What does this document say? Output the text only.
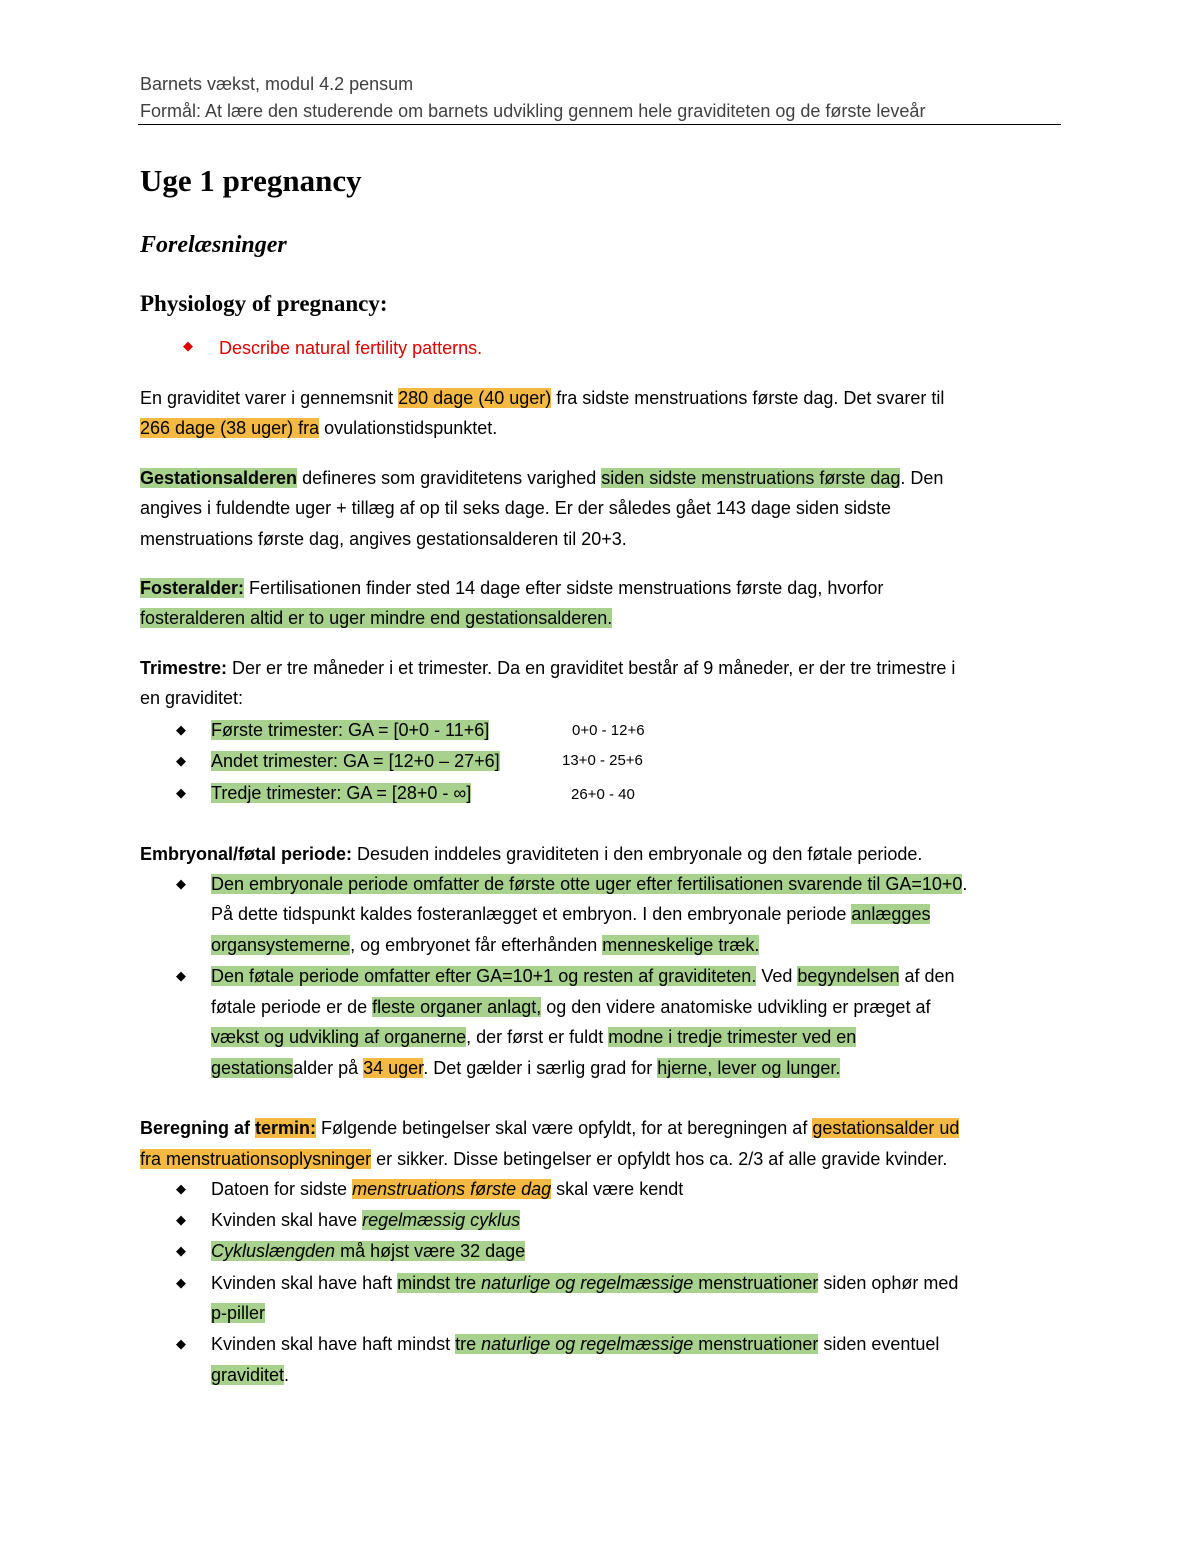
Barnets vækst, modul 4.2 pensum
Formål: At lære den studerende om barnets udvikling gennem hele graviditeten og de første leveår
Uge 1 pregnancy
Forelæsninger
Physiology of pregnancy:
◆ Describe natural fertility patterns.
En graviditet varer i gennemsnit 280 dage (40 uger) fra sidste menstruations første dag. Det svarer til
266 dage (38 uger) fra ovulationstidspunktet.
Gestationsalderen defineres som graviditetens varighed siden sidste menstruations første dag. Den
angives i fuldendte uger + tillæg af op til seks dage. Er der således gået 143 dage siden sidste
menstruations første dag, angives gestationsalderen til 20+3.
Fosteralder: Fertilisationen finder sted 14 dage efter sidste menstruations første dag, hvorfor
fosteralderen altid er to uger mindre end gestationsalderen.
Trimestre: Der er tre måneder i et trimester. Da en graviditet består af 9 måneder, er der tre trimestre i
en graviditet:
◆ Første trimester: GA = [0+0 - 11+6]	0+0 - 12+6
◆ Andet trimester: GA = [12+0 – 27+6]	13+0 - 25+6
◆ Tredje trimester: GA = [28+0 - ∞]	26+0 - 40
Embryonal/føtal periode: Desuden inddeles graviditeten i den embryonale og den føtale periode.
◆ Den embryonale periode omfatter de første otte uger efter fertilisationen svarende til GA=10+0.
På dette tidspunkt kaldes fosteranlægget et embryon. I den embryonale periode anlægges
organsystemerne, og embryonet får efterhånden menneskelige træk.
◆ Den føtale periode omfatter efter GA=10+1 og resten af graviditeten. Ved begyndelsen af den
føtale periode er de fleste organer anlagt, og den videre anatomiske udvikling er præget af
vækst og udvikling af organerne, der først er fuldt modne i tredje trimester ved en
gestationsalder på 34 uger. Det gælder i særlig grad for hjerne, lever og lunger.
Beregning af termin: Følgende betingelser skal være opfyldt, for at beregningen af gestationsalder ud
fra menstruationsoplysninger er sikker. Disse betingelser er opfyldt hos ca. 2/3 af alle gravide kvinder.
◆ Datoen for sidste menstruations første dag skal være kendt
◆ Kvinden skal have regelmæssig cyklus
◆ Cykluslængden må højst være 32 dage
◆ Kvinden skal have haft mindst tre naturlige og regelmæssige menstruationer siden ophør med
p-piller
◆ Kvinden skal have haft mindst tre naturlige og regelmæssige menstruationer siden eventuel
graviditet.
